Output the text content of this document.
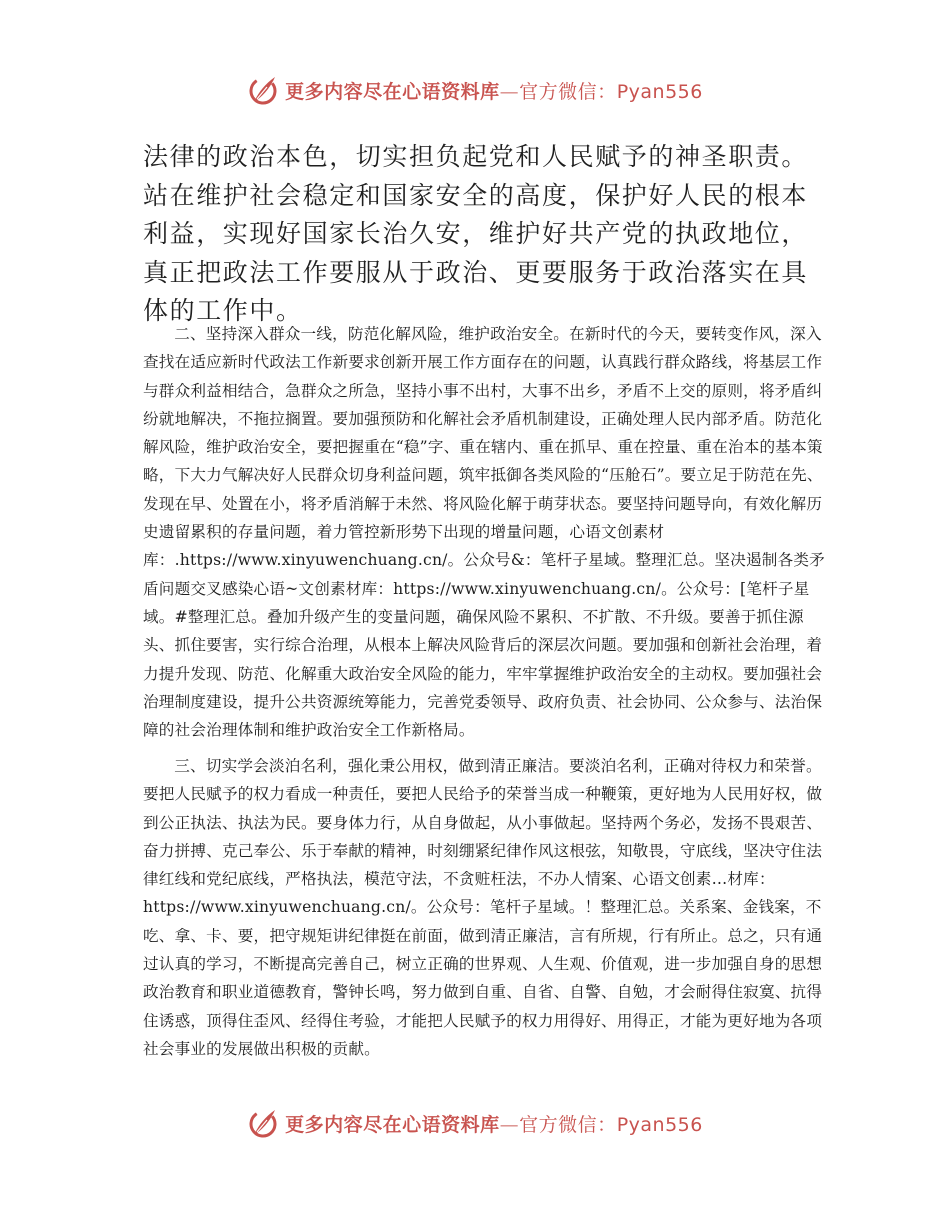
更多内容尽在心语资料库—官方微信：Pyan556

法律的政治本色，切实担负起党和人民赋予的神圣职责。站在维护社会稳定和国家安全的高度，保护好人民的根本利益，实现好国家长治久安，维护好共产党的执政地位，真正把政法工作要服从于政治、更要服务于政治落实在具体的工作中。

二、坚持深入群众一线，防范化解风险，维护政治安全。在新时代的今天，要转变作风，深入查找在适应新时代政法工作新要求创新开展工作方面存在的问题，认真践行群众路线，将基层工作与群众利益相结合，急群众之所急，坚持小事不出村，大事不出乡，矛盾不上交的原则，将矛盾纠纷就地解决，不拖拉搁置。要加强预防和化解社会矛盾机制建设，正确处理人民内部矛盾。防范化解风险，维护政治安全，要把握重在“稳”字、重在辖内、重在抓早、重在控量、重在治本的基本策略，下大力气解决好人民群众切身利益问题，筑牢抵御各类风险的“压舱石”。要立足于防范在先、发现在早、处置在小，将矛盾消解于未然、将风险化解于萌芽状态。要坚持问题导向，有效化解历史遗留累积的存量问题，着力管控新形势下出现的增量问题，心语文创素材库：.https://www.xinyuwenchuang.cn/。公众号&：笔杆子星域。整理汇总。坚决遏制各类矛盾问题交叉感染心语~文创素材库：https://www.xinyuwenchuang.cn/。公众号：[笔杆子星域。#整理汇总。叠加升级产生的变量问题，确保风险不累积、不扩散、不升级。要善于抓住源头、抓住要害，实行综合治理，从根本上解决风险背后的深层次问题。要加强和创新社会治理，着力提升发现、防范、化解重大政治安全风险的能力，牢牢掌握维护政治安全的主动权。要加强社会治理制度建设，提升公共资源统筹能力，完善党委领导、政府负责、社会协同、公众参与、法治保障的社会治理体制和维护政治安全工作新格局。

三、切实学会淡泊名利，强化秉公用权，做到清正廉洁。要淡泊名利，正确对待权力和荣誉。要把人民赋予的权力看成一种责任，要把人民给予的荣誉当成一种鞭策，更好地为人民用好权，做到公正执法、执法为民。要身体力行，从自身做起，从小事做起。坚持两个务必，发扬不畏艰苦、奋力拼搏、克己奉公、乐于奉献的精神，时刻绷紧纪律作风这根弦，知敬畏，守底线，坚决守住法律红线和党纪底线，严格执法，模范守法，不贪赃枉法，不办人情案、心语文创素…材库：https://www.xinyuwenchuang.cn/。公众号：笔杆子星域。！整理汇总。关系案、金钱案，不吃、拿、卡、要，把守规矩讲纪律挺在前面，做到清正廉洁，言有所规，行有所止。总之，只有通过认真的学习，不断提高完善自己，树立正确的世界观、人生观、价值观，进一步加强自身的思想政治教育和职业道德教育，警钟长鸣，努力做到自重、自省、自警、自勉，才会耐得住寂寞、抗得住诱惑，顶得住歪风、经得住考验，才能把人民赋予的权力用得好、用得正，才能为更好地为各项社会事业的发展做出积极的贡献。

更多内容尽在心语资料库—官方微信：Pyan556
